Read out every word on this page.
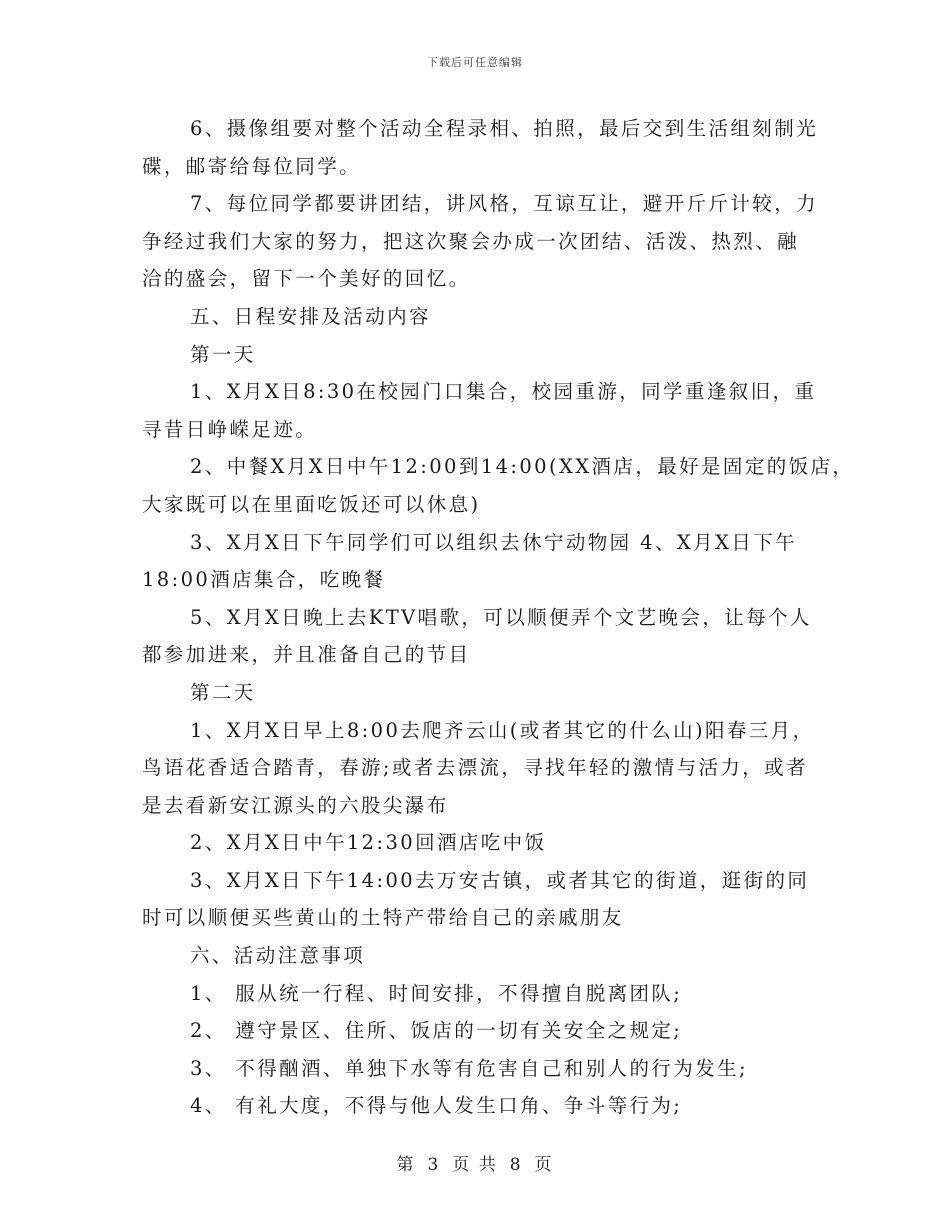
下载后可任意编辑
6、摄像组要对整个活动全程录相、拍照，最后交到生活组刻制光
碟，邮寄给每位同学。
7、每位同学都要讲团结，讲风格，互谅互让，避开斤斤计较，力
争经过我们大家的努力，把这次聚会办成一次团结、活泼、热烈、融
洽的盛会，留下一个美好的回忆。
五、日程安排及活动内容
第一天
1、X月X日8:30在校园门口集合，校园重游，同学重逢叙旧，重
寻昔日峥嵘足迹。
2、中餐X月X日中午12:00到14:00(XX酒店，最好是固定的饭店，
大家既可以在里面吃饭还可以休息)
3、X月X日下午同学们可以组织去休宁动物园 4、X月X日下午
18:00酒店集合，吃晚餐
5、X月X日晚上去KTV唱歌，可以顺便弄个文艺晚会，让每个人
都参加进来，并且准备自己的节目
第二天
1、X月X日早上8:00去爬齐云山(或者其它的什么山)阳春三月，
鸟语花香适合踏青，春游;或者去漂流，寻找年轻的激情与活力，或者
是去看新安江源头的六股尖瀑布
2、X月X日中午12:30回酒店吃中饭
3、X月X日下午14:00去万安古镇，或者其它的街道，逛街的同
时可以顺便买些黄山的土特产带给自己的亲戚朋友
六、活动注意事项
1、 服从统一行程、时间安排，不得擅自脱离团队;
2、 遵守景区、住所、饭店的一切有关安全之规定;
3、 不得酗酒、单独下水等有危害自己和别人的行为发生;
4、 有礼大度，不得与他人发生口角、争斗等行为;
第 3 页 共 8 页
